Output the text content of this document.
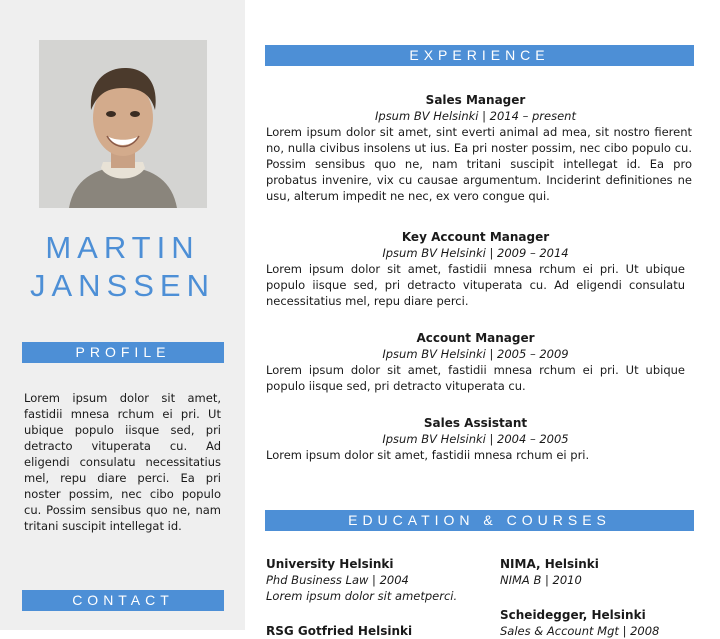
MARTIN
JANSSEN
PROFILE
Lorem ipsum dolor sit amet, fastidii mnesa rchum ei pri. Ut ubique populo iisque sed, pri detracto vituperata cu. Ad eligendi consulatu necessitatius mel, repu diare perci. Ea pri noster possim, nec cibo populo cu. Possim sensibus quo ne, nam tritani suscipit intellegat id.
CONTACT
EXPERIENCE
Sales Manager
Ipsum BV Helsinki | 2014 – present
Lorem ipsum dolor sit amet, sint everti animal ad mea, sit nostro fierent no, nulla civibus insolens ut ius. Ea pri noster possim, nec cibo populo cu. Possim sensibus quo ne, nam tritani suscipit intellegat id. Ea pro probatus invenire, vix cu causae argumentum. Inciderint definitiones ne usu, alterum impedit ne nec, ex vero congue qui.
Key Account Manager
Ipsum BV Helsinki | 2009 – 2014
Lorem ipsum dolor sit amet, fastidii mnesa rchum ei pri. Ut ubique populo iisque sed, pri detracto vituperata cu. Ad eligendi consulatu necessitatius mel, repu diare perci.
Account Manager
Ipsum BV Helsinki | 2005 – 2009
Lorem ipsum dolor sit amet, fastidii mnesa rchum ei pri. Ut ubique populo iisque sed, pri detracto vituperata cu.
Sales Assistant
Ipsum BV Helsinki | 2004 – 2005
Lorem ipsum dolor sit amet, fastidii mnesa rchum ei pri.
EDUCATION & COURSES
University Helsinki
Phd Business Law | 2004
Lorem ipsum dolor sit ametperci.
NIMA, Helsinki
NIMA B | 2010
Scheidegger, Helsinki
Sales & Account Mgt | 2008
RSG Gotfried Helsinki
